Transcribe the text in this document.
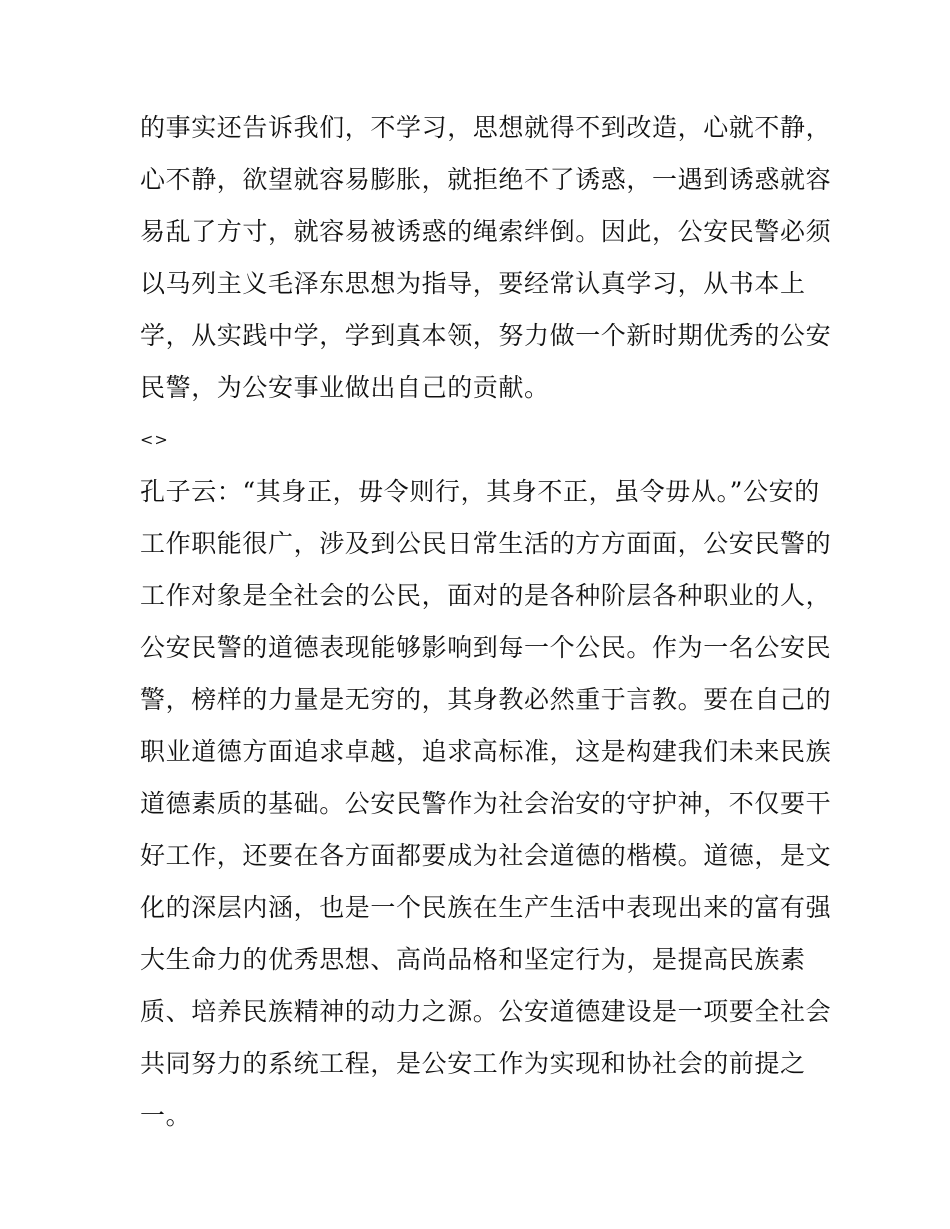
的事实还告诉我们，不学习，思想就得不到改造，心就不静，
心不静，欲望就容易膨胀，就拒绝不了诱惑，一遇到诱惑就容
易乱了方寸，就容易被诱惑的绳索绊倒。因此，公安民警必须
以马列主义毛泽东思想为指导，要经常认真学习，从书本上
学，从实践中学，学到真本领，努力做一个新时期优秀的公安
民警，为公安事业做出自己的贡献。
<>
孔子云：“其身正，毋令则行，其身不正，虽令毋从。”公安的
工作职能很广，涉及到公民日常生活的方方面面，公安民警的
工作对象是全社会的公民，面对的是各种阶层各种职业的人，
公安民警的道德表现能够影响到每一个公民。作为一名公安民
警，榜样的力量是无穷的，其身教必然重于言教。要在自己的
职业道德方面追求卓越，追求高标准，这是构建我们未来民族
道德素质的基础。公安民警作为社会治安的守护神，不仅要干
好工作，还要在各方面都要成为社会道德的楷模。道德，是文
化的深层内涵，也是一个民族在生产生活中表现出来的富有强
大生命力的优秀思想、高尚品格和坚定行为，是提高民族素
质、培养民族精神的动力之源。公安道德建设是一项要全社会
共同努力的系统工程，是公安工作为实现和协社会的前提之
一。
